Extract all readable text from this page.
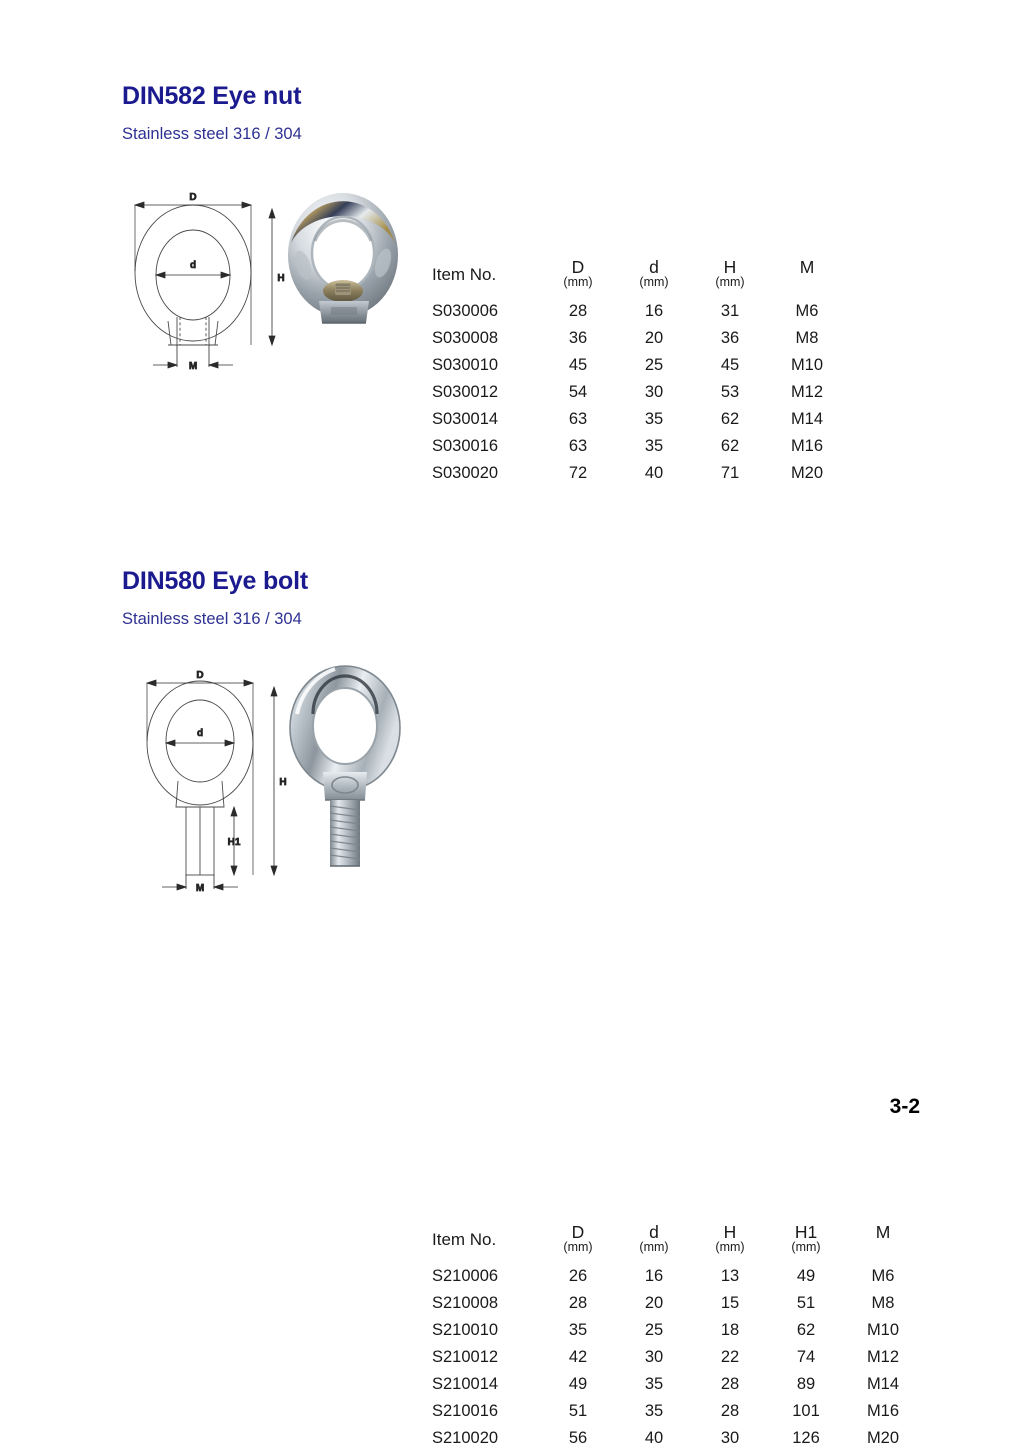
DIN582 Eye nut
Stainless steel 316 / 304
D
d
H
M
Item No.	D	d	H	M
	(mm)	(mm)	(mm)	
S030006	28	16	31	M6
S030008	36	20	36	M8
S030010	45	25	45	M10
S030012	54	30	53	M12
S030014	63	35	62	M14
S030016	63	35	62	M16
S030020	72	40	71	M20
DIN580 Eye bolt
Stainless steel 316 / 304
D
d
H
H1
M
Item No.	D	d	H	H1	M
	(mm)	(mm)	(mm)	(mm)	
S210006	26	16	13	49	M6
S210008	28	20	15	51	M8
S210010	35	25	18	62	M10
S210012	42	30	22	74	M12
S210014	49	35	28	89	M14
S210016	51	35	28	101	M16
S210020	56	40	30	126	M20
3-2
